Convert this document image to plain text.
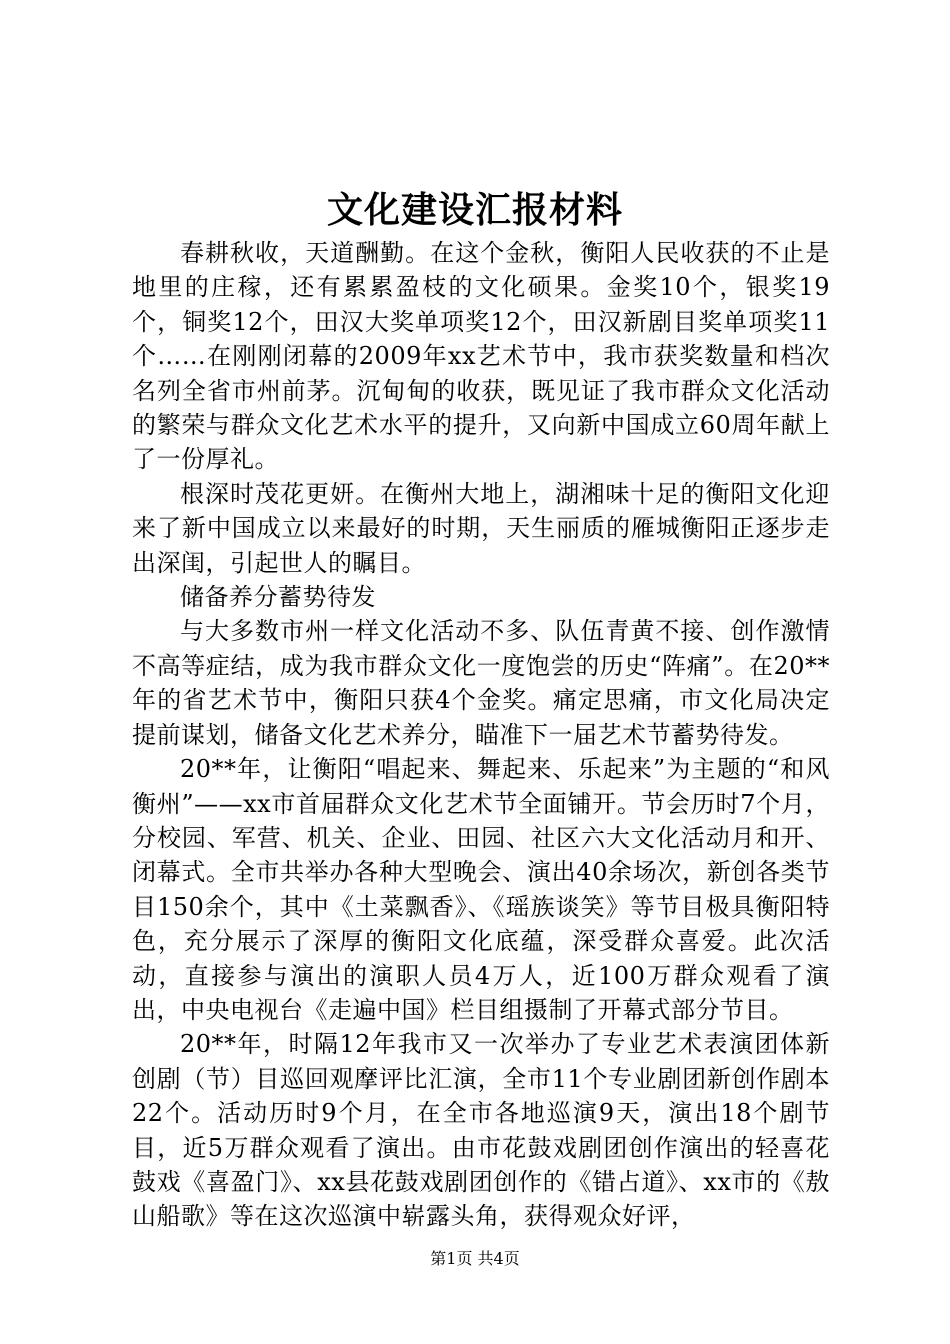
文化建设汇报材料

春耕秋收，天道酬勤。在这个金秋，衡阳人民收获的不止是地里的庄稼，还有累累盈枝的文化硕果。金奖10个，银奖19个，铜奖12个，田汉大奖单项奖12个，田汉新剧目奖单项奖11个……在刚刚闭幕的2009年xx艺术节中，我市获奖数量和档次名列全省市州前茅。沉甸甸的收获，既见证了我市群众文化活动的繁荣与群众文化艺术水平的提升，又向新中国成立60周年献上了一份厚礼。

根深时茂花更妍。在衡州大地上，湖湘味十足的衡阳文化迎来了新中国成立以来最好的时期，天生丽质的雁城衡阳正逐步走出深闺，引起世人的瞩目。

储备养分蓄势待发

与大多数市州一样文化活动不多、队伍青黄不接、创作激情不高等症结，成为我市群众文化一度饱尝的历史“阵痛”。在20**年的省艺术节中，衡阳只获4个金奖。痛定思痛，市文化局决定提前谋划，储备文化艺术养分，瞄准下一届艺术节蓄势待发。

20**年，让衡阳“唱起来、舞起来、乐起来”为主题的“和风衡州”——xx市首届群众文化艺术节全面铺开。节会历时7个月，分校园、军营、机关、企业、田园、社区六大文化活动月和开、闭幕式。全市共举办各种大型晚会、演出40余场次，新创各类节目150余个，其中《土菜飘香》、《瑶族谈笑》等节目极具衡阳特色，充分展示了深厚的衡阳文化底蕴，深受群众喜爱。此次活动，直接参与演出的演职人员4万人，近100万群众观看了演出，中央电视台《走遍中国》栏目组摄制了开幕式部分节目。

20**年，时隔12年我市又一次举办了专业艺术表演团体新创剧（节）目巡回观摩评比汇演，全市11个专业剧团新创作剧本22个。活动历时9个月，在全市各地巡演9天，演出18个剧节目，近5万群众观看了演出。由市花鼓戏剧团创作演出的轻喜花鼓戏《喜盈门》、xx县花鼓戏剧团创作的《错占道》、xx市的《敖山船歌》等在这次巡演中崭露头角，获得观众好评，

第1页 共4页
